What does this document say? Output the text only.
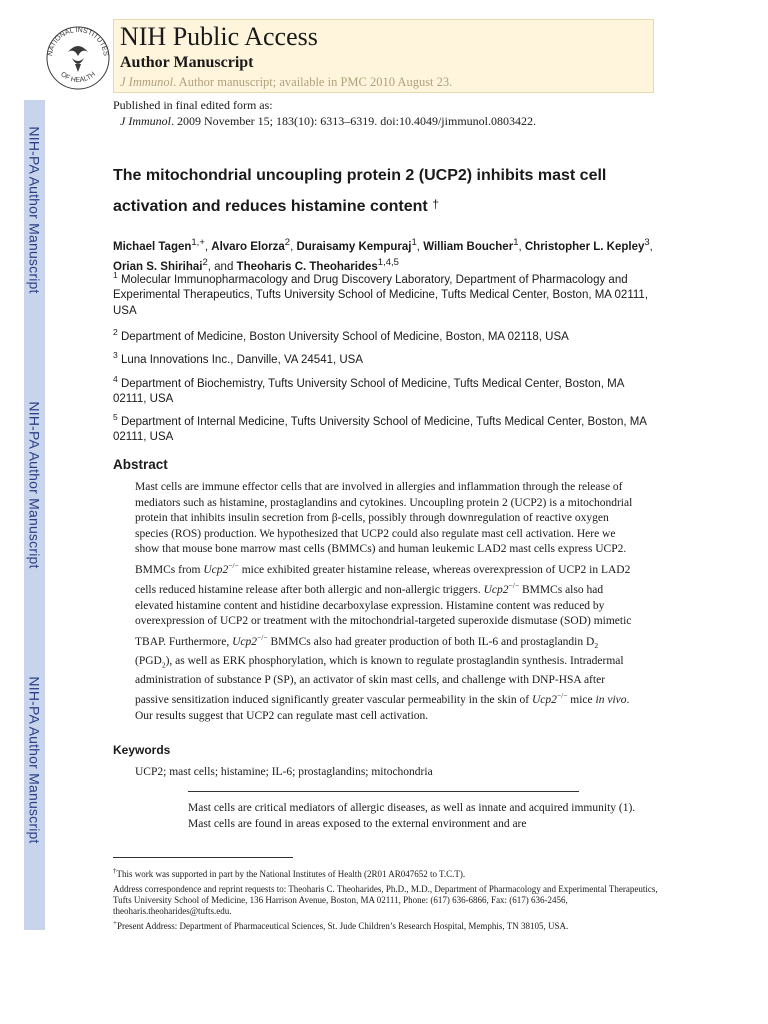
NIH-PA Author Manuscript
NIH-PA Author Manuscript
NIH-PA Author Manuscript
NATIONAL INSTITUTES
OF HEALTH
NIH Public Access
Author Manuscript
J Immunol. Author manuscript; available in PMC 2010 August 23.
Published in final edited form as:
J Immunol. 2009 November 15; 183(10): 6313–6319. doi:10.4049/jimmunol.0803422.
The mitochondrial uncoupling protein 2 (UCP2) inhibits mast cell activation and reduces histamine content †
Michael Tagen$^{1,+}$, Alvaro Elorza$^2$, Duraisamy Kempuraj$^1$, William Boucher$^1$, Christopher L. Kepley$^3$, Orian S. Shirihai$^2$, and Theoharis C. Theoharides$^{1,4,5}$
$^1$ Molecular Immunopharmacology and Drug Discovery Laboratory, Department of Pharmacology and Experimental Therapeutics, Tufts University School of Medicine, Tufts Medical Center, Boston, MA 02111, USA
$^2$ Department of Medicine, Boston University School of Medicine, Boston, MA 02118, USA
$^3$ Luna Innovations Inc., Danville, VA 24541, USA
$^4$ Department of Biochemistry, Tufts University School of Medicine, Tufts Medical Center, Boston, MA 02111, USA
$^5$ Department of Internal Medicine, Tufts University School of Medicine, Tufts Medical Center, Boston, MA 02111, USA
Abstract
Mast cells are immune effector cells that are involved in allergies and inflammation through the release of mediators such as histamine, prostaglandins and cytokines. Uncoupling protein 2 (UCP2) is a mitochondrial protein that inhibits insulin secretion from β-cells, possibly through downregulation of reactive oxygen species (ROS) production. We hypothesized that UCP2 could also regulate mast cell activation. Here we show that mouse bone marrow mast cells (BMMCs) and human leukemic LAD2 mast cells express UCP2. BMMCs from Ucp2−/− mice exhibited greater histamine release, whereas overexpression of UCP2 in LAD2 cells reduced histamine release after both allergic and non-allergic triggers. Ucp2−/− BMMCs also had elevated histamine content and histidine decarboxylase expression. Histamine content was reduced by overexpression of UCP2 or treatment with the mitochondrial-targeted superoxide dismutase (SOD) mimetic TBAP. Furthermore, Ucp2−/− BMMCs also had greater production of both IL-6 and prostaglandin $D_2$ $(PGD_2)$, as well as ERK phosphorylation, which is known to regulate prostaglandin synthesis. Intradermal administration of substance P (SP), an activator of skin mast cells, and challenge with DNP-HSA after passive sensitization induced significantly greater vascular permeability in the skin of Ucp2−/− mice in vivo. Our results suggest that UCP2 can regulate mast cell activation.
Keywords
UCP2; mast cells; histamine; IL-6; prostaglandins; mitochondria
Mast cells are critical mediators of allergic diseases, as well as innate and acquired immunity (1). Mast cells are found in areas exposed to the external environment and are
†This work was supported in part by the National Institutes of Health (2R01 AR047652 to T.C.T).
Address correspondence and reprint requests to: Theoharis C. Theoharides, Ph.D., M.D., Department of Pharmacology and Experimental Therapeutics, Tufts University School of Medicine, 136 Harrison Avenue, Boston, MA 02111, Phone: (617) 636-6866, Fax: (617) 636-2456, theoharis.theoharides@tufts.edu.
+Present Address: Department of Pharmaceutical Sciences, St. Jude Children’s Research Hospital, Memphis, TN 38105, USA.
